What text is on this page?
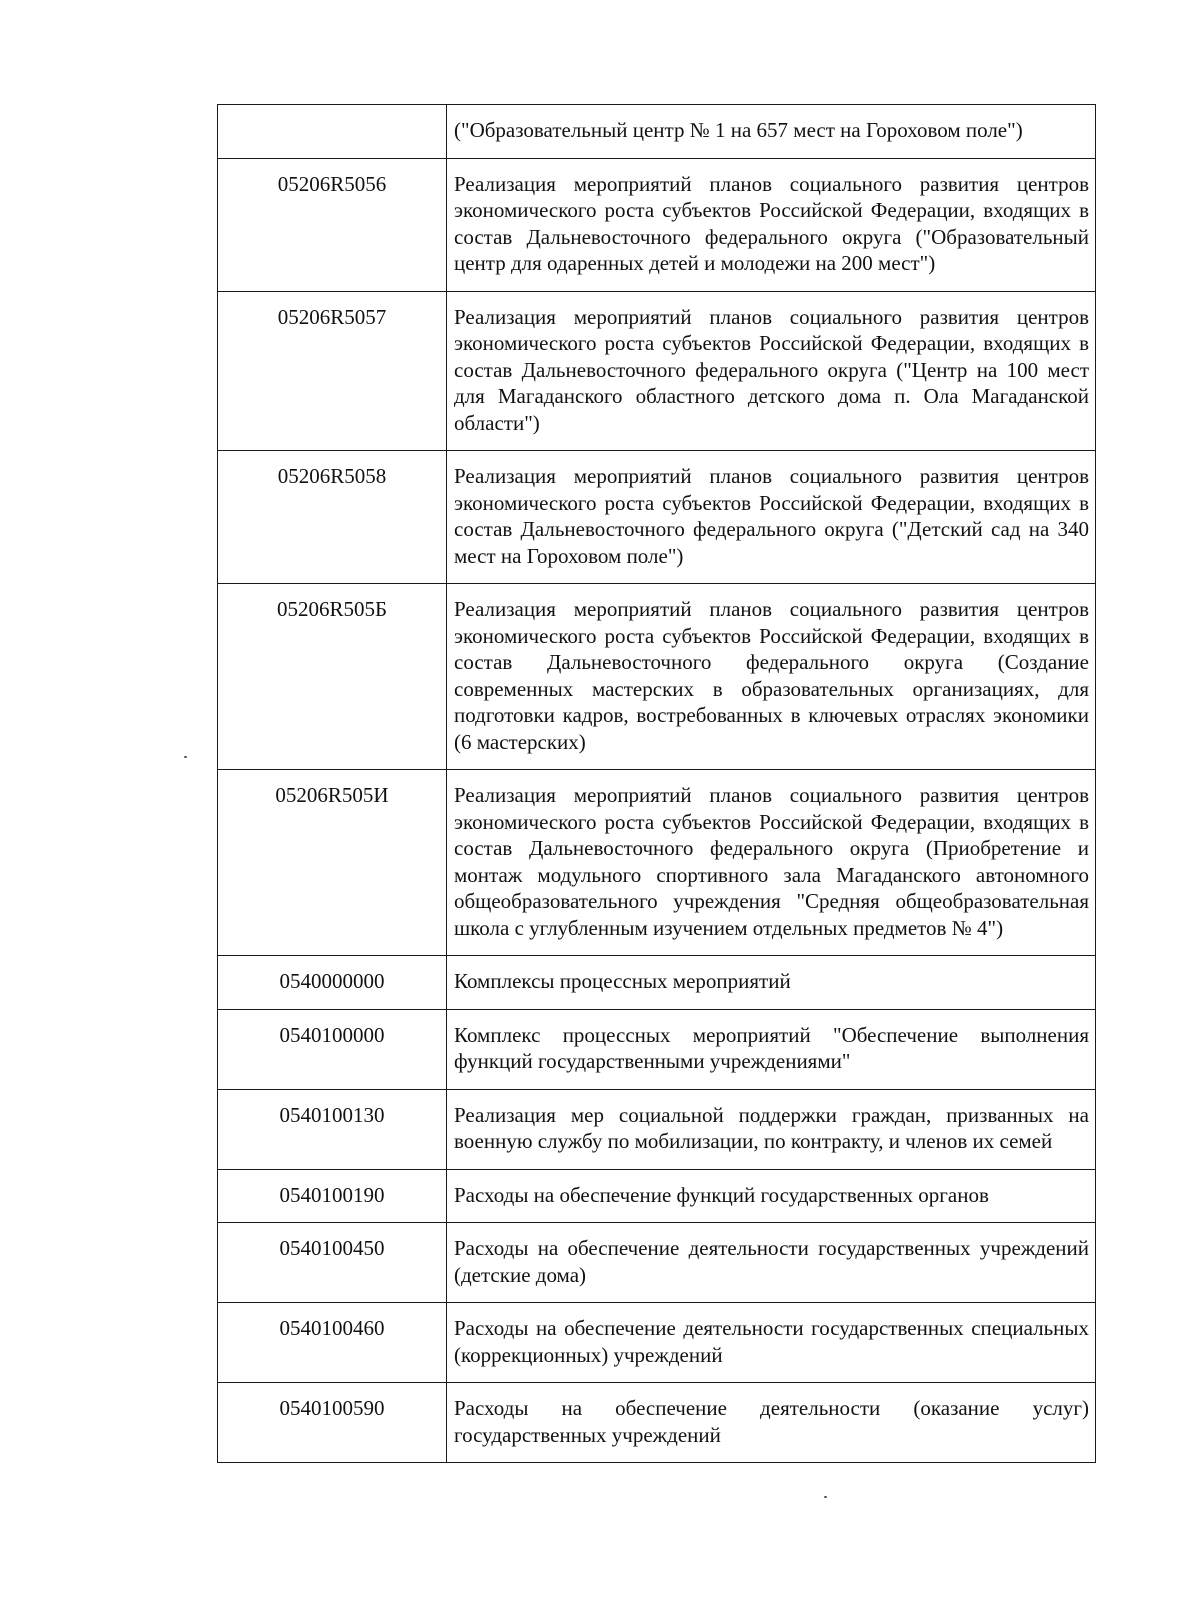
	("Образовательный центр № 1 на 657 мест на Гороховом поле")
05206R5056	Реализация мероприятий планов социального развития центров экономического роста субъектов Российской Федерации, входящих в состав Дальневосточного федерального округа ("Образовательный центр для одаренных детей и молодежи на 200 мест")
05206R5057	Реализация мероприятий планов социального развития центров экономического роста субъектов Российской Федерации, входящих в состав Дальневосточного федерального округа ("Центр на 100 мест для Магаданского областного детского дома п. Ола Магаданской области")
05206R5058	Реализация мероприятий планов социального развития центров экономического роста субъектов Российской Федерации, входящих в состав Дальневосточного федерального округа ("Детский сад на 340 мест на Гороховом поле")
05206R505Б	Реализация мероприятий планов социального развития центров экономического роста субъектов Российской Федерации, входящих в состав Дальневосточного федерального округа (Создание современных мастерских в образовательных организациях, для подготовки кадров, востребованных в ключевых отраслях экономики (6 мастерских)
05206R505И	Реализация мероприятий планов социального развития центров экономического роста субъектов Российской Федерации, входящих в состав Дальневосточного федерального округа (Приобретение и монтаж модульного спортивного зала Магаданского автономного общеобразовательного учреждения "Средняя общеобразовательная школа с углубленным изучением отдельных предметов № 4")
0540000000	Комплексы процессных мероприятий
0540100000	Комплекс процессных мероприятий "Обеспечение выполнения функций государственными учреждениями"
0540100130	Реализация мер социальной поддержки граждан, призванных на военную службу по мобилизации, по контракту, и членов их семей
0540100190	Расходы на обеспечение функций государственных органов
0540100450	Расходы на обеспечение деятельности государственных учреждений (детские дома)
0540100460	Расходы на обеспечение деятельности государственных специальных (коррекционных) учреждений
0540100590	Расходы на обеспечение деятельности (оказание услуг) государственных учреждений
